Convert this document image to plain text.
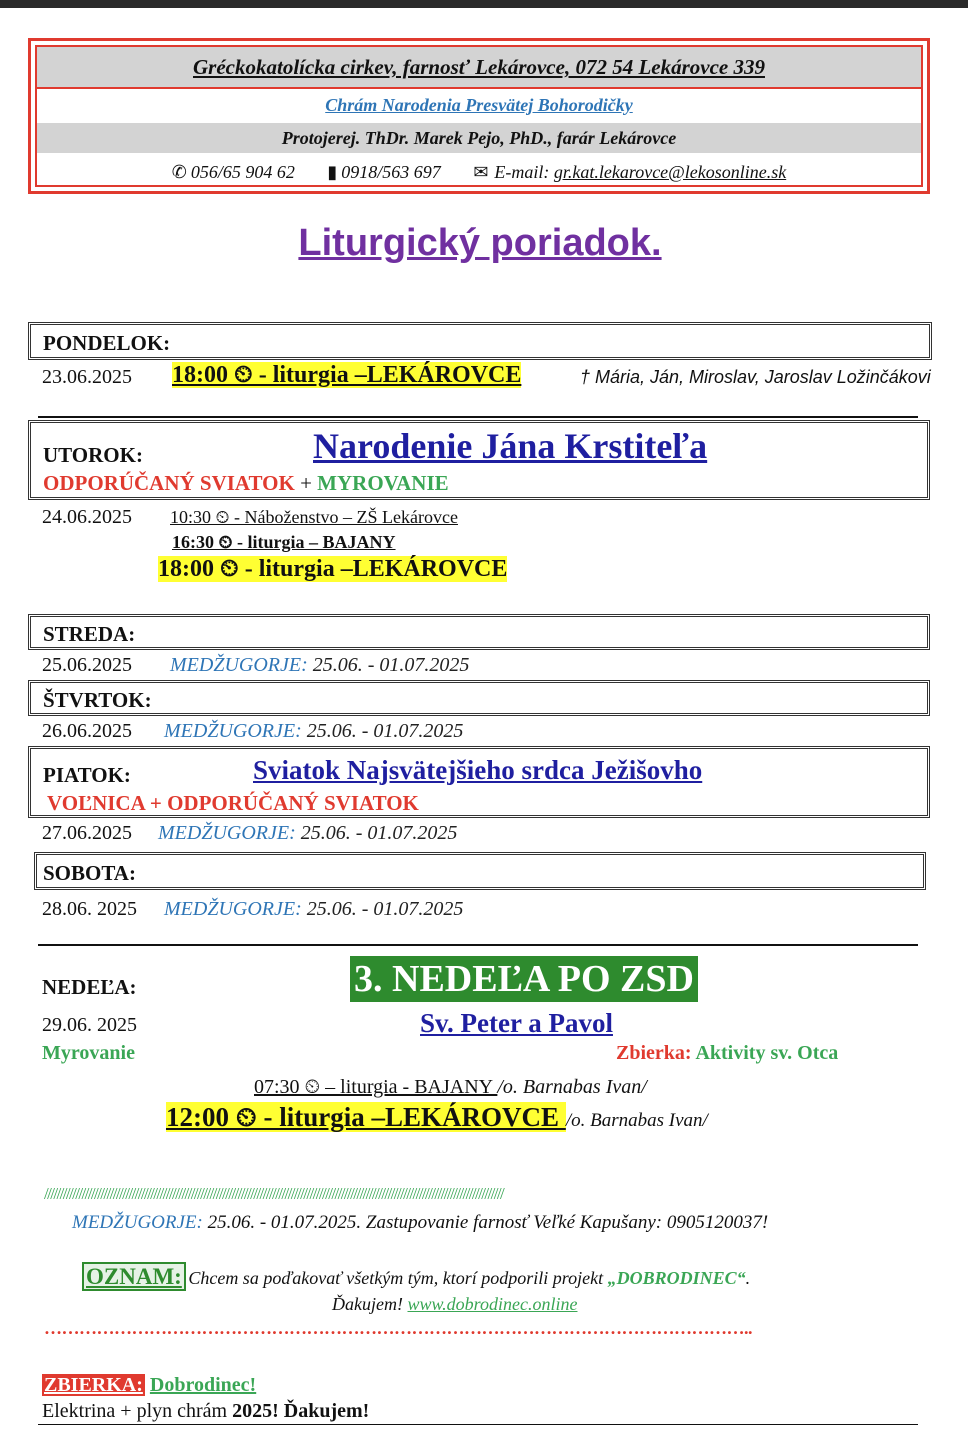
Gréckokatolícka cirkev, farnosť Lekárovce, 072 54 Lekárovce 339
Chrám Narodenia Presvätej Bohorodičky
Protojerej. ThDr. Marek Pejo, PhD., farár Lekárovce
✆ 056/65 904 62 ▮ 0918/563 697 ✉ E-mail: gr.kat.lekarovce@lekosonline.sk
Liturgický poriadok.
PONDELOK:
23.06.2025 18:00 ⏲ - liturgia –LEKÁROVCE	† Mária, Ján, Miroslav, Jaroslav Ložinčákovi
UTOROK:	Narodenie Jána Krstiteľa
ODPORÚČANÝ SVIATOK + MYROVANIE
24.06.2025 10:30 ⏲ - Náboženstvo – ZŠ Lekárovce
16:30 ⏲ - liturgia – BAJANY
18:00 ⏲ - liturgia –LEKÁROVCE
STREDA:
25.06.2025 MEDŽUGORJE: 25.06. - 01.07.2025
ŠTVRTOK:
26.06.2025 MEDŽUGORJE: 25.06. - 01.07.2025
PIATOK:	Sviatok Najsvätejšieho srdca Ježišovho
VOĽNICA + ODPORÚČANÝ SVIATOK
27.06.2025 MEDŽUGORJE: 25.06. - 01.07.2025
SOBOTA:
28.06. 2025 MEDŽUGORJE: 25.06. - 01.07.2025
NEDEĽA:	3. NEDEĽA PO ZSD
29.06. 2025	Sv. Peter a Pavol
Myrovanie	Zbierka: Aktivity sv. Otca
07:30 ⏲ – liturgia - BAJANY /o. Barnabas Ivan/
12:00 ⏲ - liturgia –LEKÁROVCE /o. Barnabas Ivan/
///////////////////////////////////////////////////////////////////////////////////////////////////////////////////////////////////////////////////
MEDŽUGORJE: 25.06. - 01.07.2025. Zastupovanie farnosť Veľké Kapušany: 0905120037!
OZNAM: Chcem sa poďakovať všetkým tým, ktorí podporili projekt „DOBRODINEC“.
Ďakujem! www.dobrodinec.online
…………………………………………………………………………………………………………..
ZBIERKA: Dobrodinec!
Elektrina + plyn chrám 2025! Ďakujem!
